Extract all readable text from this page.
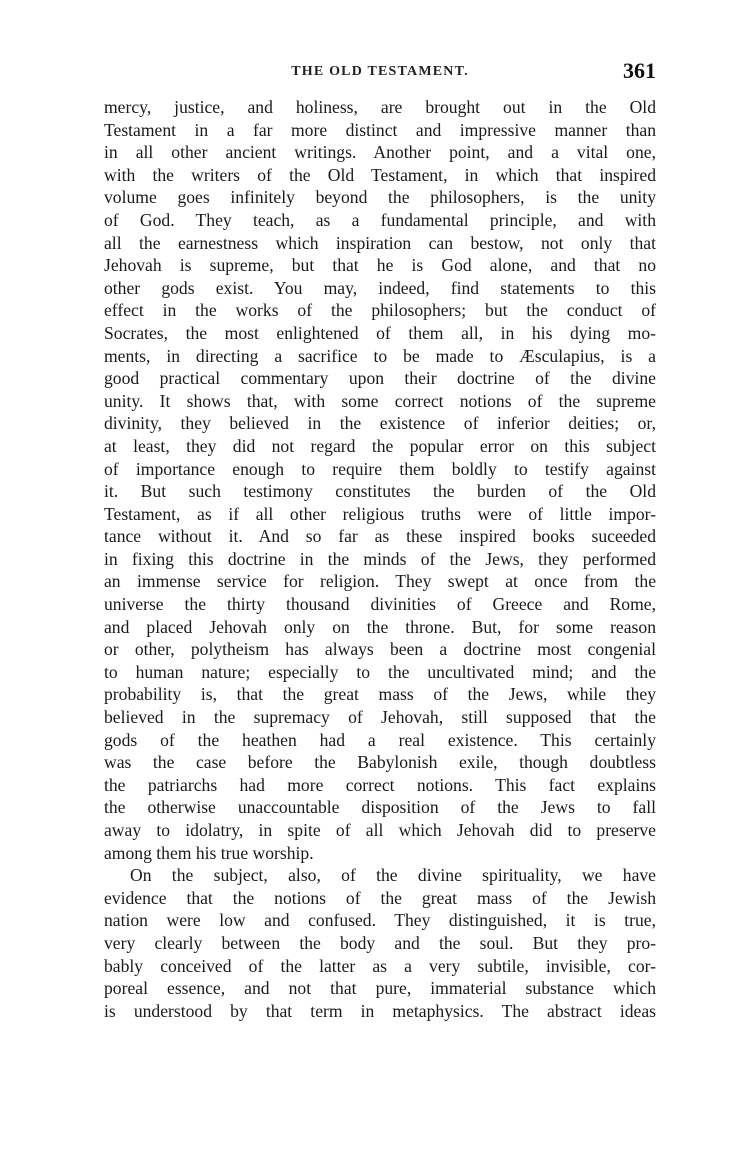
THE OLD TESTAMENT.	361
mercy, justice, and holiness, are brought out in the Old
Testament in a far more distinct and impressive manner than
in all other ancient writings. Another point, and a vital one,
with the writers of the Old Testament, in which that inspired
volume goes infinitely beyond the philosophers, is the unity
of God. They teach, as a fundamental principle, and with
all the earnestness which inspiration can bestow, not only that
Jehovah is supreme, but that he is God alone, and that no
other gods exist. You may, indeed, find statements to this
effect in the works of the philosophers; but the conduct of
Socrates, the most enlightened of them all, in his dying mo-
ments, in directing a sacrifice to be made to Æsculapius, is a
good practical commentary upon their doctrine of the divine
unity. It shows that, with some correct notions of the supreme
divinity, they believed in the existence of inferior deities; or,
at least, they did not regard the popular error on this subject
of importance enough to require them boldly to testify against
it. But such testimony constitutes the burden of the Old
Testament, as if all other religious truths were of little impor-
tance without it. And so far as these inspired books suceeded
in fixing this doctrine in the minds of the Jews, they performed
an immense service for religion. They swept at once from the
universe the thirty thousand divinities of Greece and Rome,
and placed Jehovah only on the throne. But, for some reason
or other, polytheism has always been a doctrine most congenial
to human nature; especially to the uncultivated mind; and the
probability is, that the great mass of the Jews, while they
believed in the supremacy of Jehovah, still supposed that the
gods of the heathen had a real existence. This certainly
was the case before the Babylonish exile, though doubtless
the patriarchs had more correct notions. This fact explains
the otherwise unaccountable disposition of the Jews to fall
away to idolatry, in spite of all which Jehovah did to preserve
among them his true worship.
On the subject, also, of the divine spirituality, we have
evidence that the notions of the great mass of the Jewish
nation were low and confused. They distinguished, it is true,
very clearly between the body and the soul. But they pro-
bably conceived of the latter as a very subtile, invisible, cor-
poreal essence, and not that pure, immaterial substance which
is understood by that term in metaphysics. The abstract ideas
